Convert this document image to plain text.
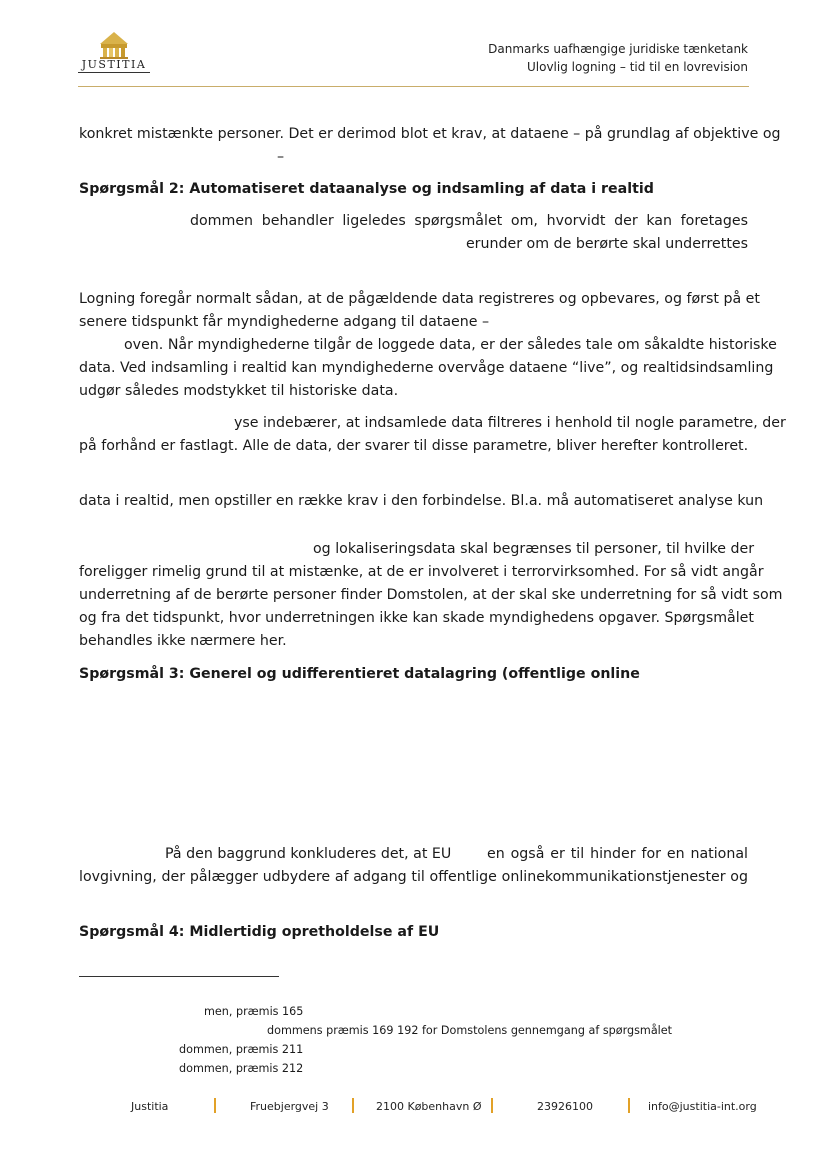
JUSTITIA
Danmarks uafhængige juridiske tænketank
Ulovlig logning – tid til en lovrevision
konkret mistænkte personer. Det er derimod blot et krav, at dataene – på grundlag af objektive og
–
Spørgsmål 2: Automatiseret dataanalyse og indsamling af data i realtid
dommen behandler ligeledes spørgsmålet om, hvorvidt der kan foretages
erunder om de berørte skal underrettes
Logning foregår normalt sådan, at de pågældende data registreres og opbevares, og først på et
senere tidspunkt får myndighederne adgang til dataene –
oven. Når myndighederne tilgår de loggede data, er der således tale om såkaldte historiske
data. Ved indsamling i realtid kan myndighederne overvåge dataene “live”, og realtidsindsamling
udgør således modstykket til historiske data.
yse indebærer, at indsamlede data filtreres i henhold til nogle parametre, der
på forhånd er fastlagt. Alle de data, der svarer til disse parametre, bliver herefter kontrolleret.
data i realtid, men opstiller en række krav i den forbindelse. Bl.a. må automatiseret analyse kun
og lokaliseringsdata skal begrænses til personer, til hvilke der
foreligger rimelig grund til at mistænke, at de er involveret i terrorvirksomhed. For så vidt angår
underretning af de berørte personer finder Domstolen, at der skal ske underretning for så vidt som
og fra det tidspunkt, hvor underretningen ikke kan skade myndighedens opgaver. Spørgsmålet
behandles ikke nærmere her.
Spørgsmål 3: Generel og udifferentieret datalagring (offentlige online
På den baggrund konkluderes det, at EU	en også er til hinder for en national
lovgivning, der pålægger udbydere af adgang til offentlige onlinekommunikationstjenester og
Spørgsmål 4: Midlertidig opretholdelse af EU
men, præmis 165
dommens præmis 169 192 for Domstolens gennemgang af spørgsmålet
dommen, præmis 211
dommen, præmis 212
Justitia	Fruebjergvej 3	2100 København Ø	23926100	info@justitia-int.org
